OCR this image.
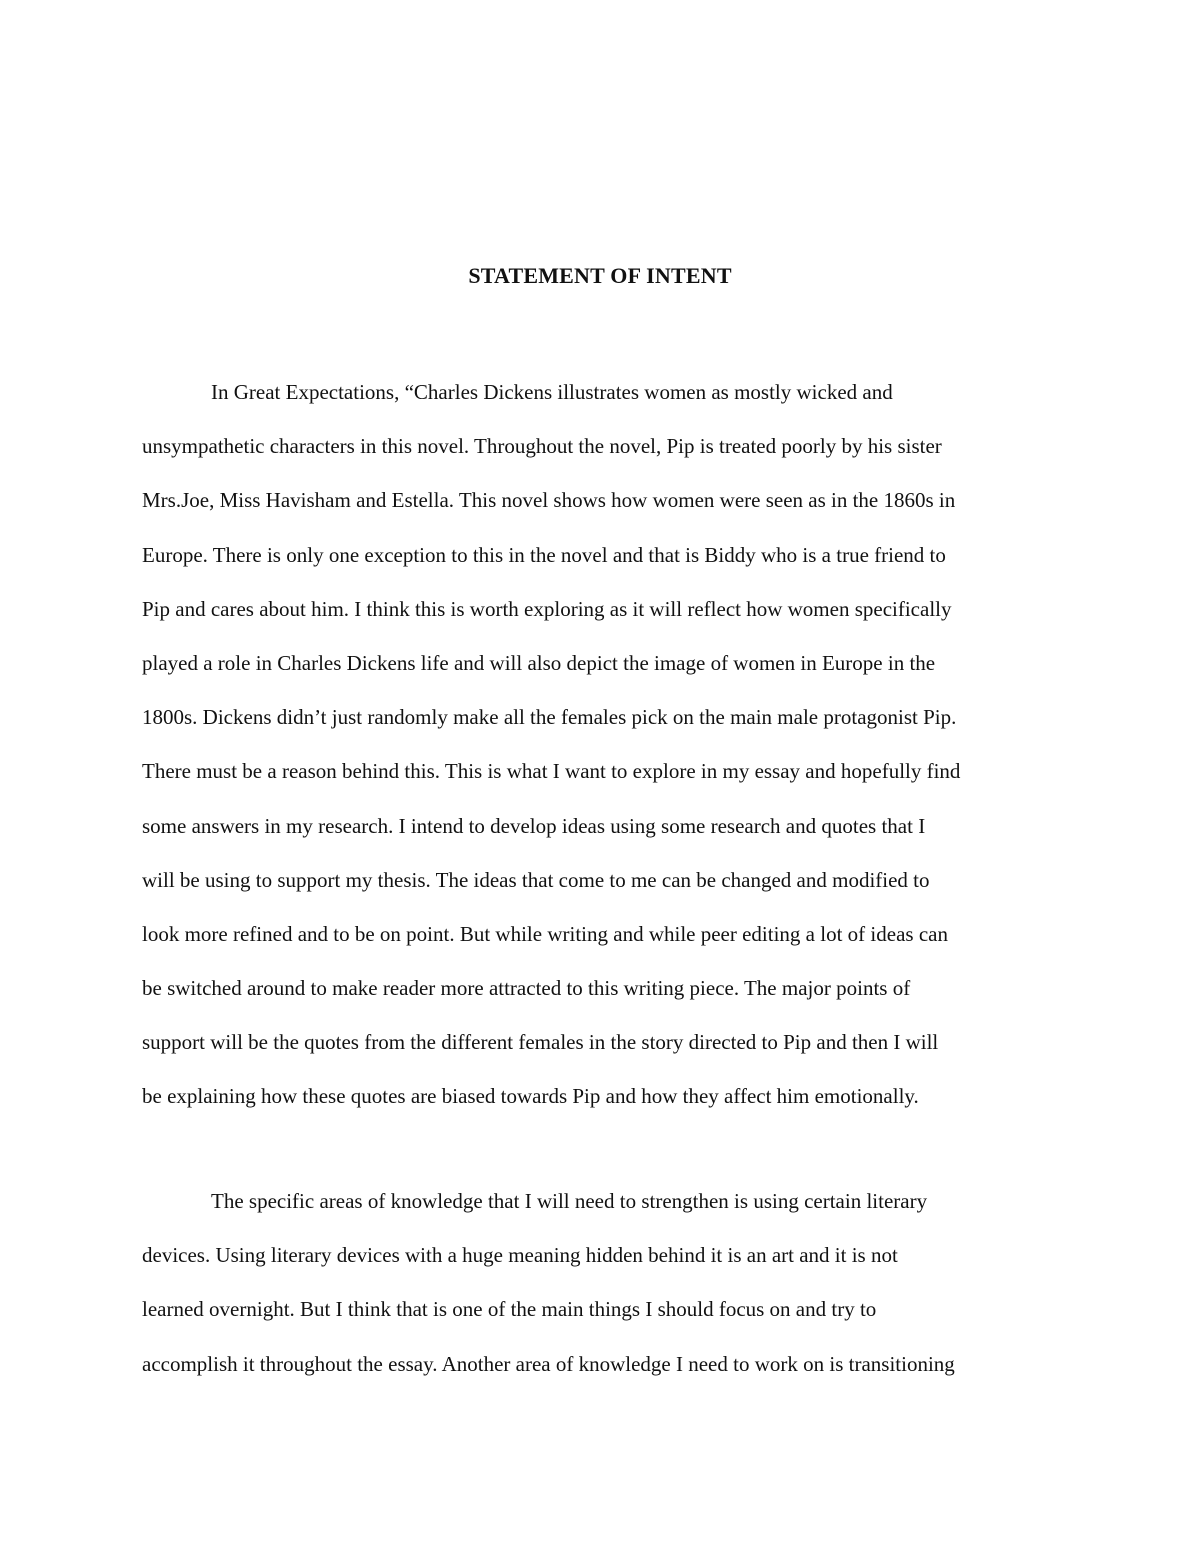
STATEMENT OF INTENT
In Great Expectations, “Charles Dickens illustrates women as mostly wicked and
unsympathetic characters in this novel. Throughout the novel, Pip is treated poorly by his sister
Mrs.Joe, Miss Havisham and Estella. This novel shows how women were seen as in the 1860s in
Europe. There is only one exception to this in the novel and that is Biddy who is a true friend to
Pip and cares about him. I think this is worth exploring as it will reflect how women specifically
played a role in Charles Dickens life and will also depict the image of women in Europe in the
1800s. Dickens didn’t just randomly make all the females pick on the main male protagonist Pip.
There must be a reason behind this. This is what I want to explore in my essay and hopefully find
some answers in my research. I intend to develop ideas using some research and quotes that I
will be using to support my thesis. The ideas that come to me can be changed and modified to
look more refined and to be on point. But while writing and while peer editing a lot of ideas can
be switched around to make reader more attracted to this writing piece. The major points of
support will be the quotes from the different females in the story directed to Pip and then I will
be explaining how these quotes are biased towards Pip and how they affect him emotionally.
The specific areas of knowledge that I will need to strengthen is using certain literary
devices. Using literary devices with a huge meaning hidden behind it is an art and it is not
learned overnight. But I think that is one of the main things I should focus on and try to
accomplish it throughout the essay. Another area of knowledge I need to work on is transitioning
